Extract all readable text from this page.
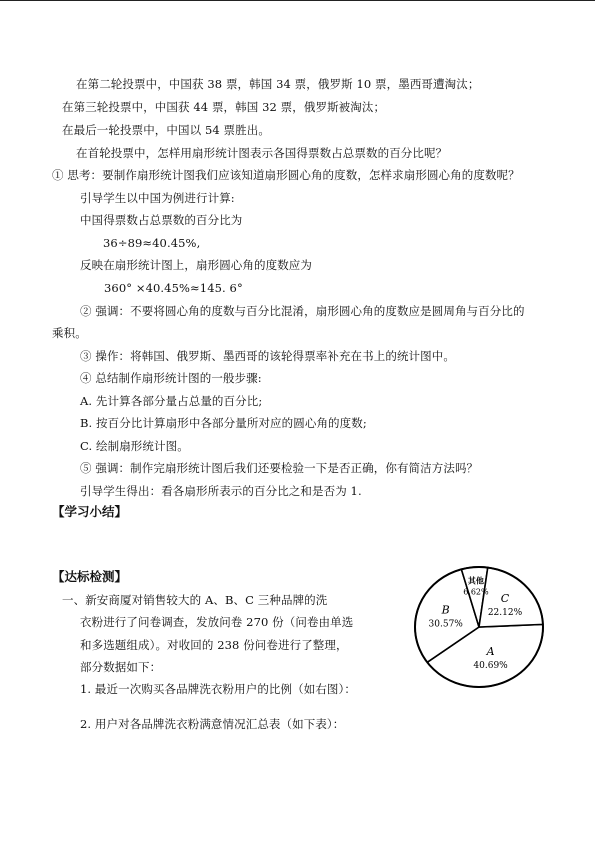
在第二轮投票中，中国获 38 票，韩国 34 票，俄罗斯 10 票，墨西哥遭淘汰；
在第三轮投票中，中国获 44 票，韩国 32 票，俄罗斯被淘汰；
在最后一轮投票中，中国以 54 票胜出。
在首轮投票中，怎样用扇形统计图表示各国得票数占总票数的百分比呢？
① 思考：要制作扇形统计图我们应该知道扇形圆心角的度数，怎样求扇形圆心角的度数呢？
引导学生以中国为例进行计算:
中国得票数占总票数的百分比为
36÷89≈40.45%,
反映在扇形统计图上，扇形圆心角的度数应为
360° ×40.45%≈145. 6°
② 强调：不要将圆心角的度数与百分比混淆，扇形圆心角的度数应是圆周角与百分比的
乘积。
③ 操作：将韩国、俄罗斯、墨西哥的该轮得票率补充在书上的统计图中。
④ 总结制作扇形统计图的一般步骤:
A. 先计算各部分量占总量的百分比;
B. 按百分比计算扇形中各部分量所对应的圆心角的度数;
C. 绘制扇形统计图。
⑤ 强调：制作完扇形统计图后我们还要检验一下是否正确，你有简洁方法吗？
引导学生得出：看各扇形所表示的百分比之和是否为 1.
【学习小结】
【达标检测】
一、新安商厦对销售较大的 A、B、C 三种品牌的洗
衣粉进行了问卷调查，发放问卷 270 份（问卷由单选
和多选题组成）。对收回的 238 份问卷进行了整理，
部分数据如下：
1. 最近一次购买各品牌洗衣粉用户的比例（如右图）：
2. 用户对各品牌洗衣粉满意情况汇总表（如下表）：
A
40.69%
B
30.57%
其他
6.62% C
22.12%
